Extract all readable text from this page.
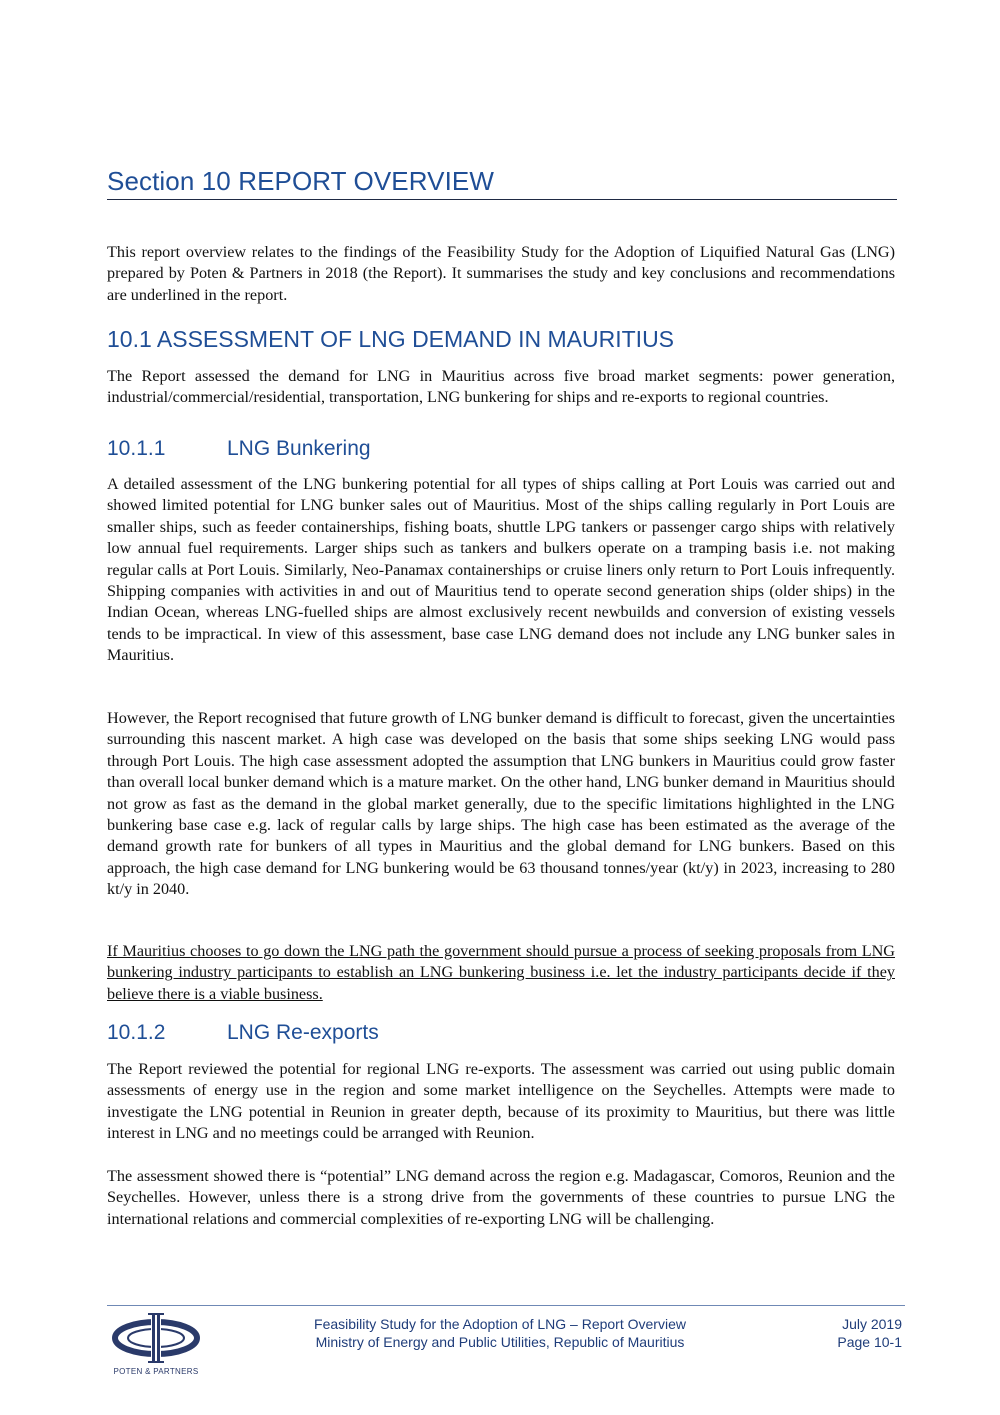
Section 10 REPORT OVERVIEW

This report overview relates to the findings of the Feasibility Study for the Adoption of Liquified Natural Gas (LNG) prepared by Poten & Partners in 2018 (the Report). It summarises the study and key conclusions and recommendations are underlined in the report.

10.1 ASSESSMENT OF LNG DEMAND IN MAURITIUS

The Report assessed the demand for LNG in Mauritius across five broad market segments: power generation, industrial/commercial/residential, transportation, LNG bunkering for ships and re-exports to regional countries.

10.1.1	LNG Bunkering

A detailed assessment of the LNG bunkering potential for all types of ships calling at Port Louis was carried out and showed limited potential for LNG bunker sales out of Mauritius. Most of the ships calling regularly in Port Louis are smaller ships, such as feeder containerships, fishing boats, shuttle LPG tankers or passenger cargo ships with relatively low annual fuel requirements. Larger ships such as tankers and bulkers operate on a tramping basis i.e. not making regular calls at Port Louis. Similarly, Neo-Panamax containerships or cruise liners only return to Port Louis infrequently. Shipping companies with activities in and out of Mauritius tend to operate second generation ships (older ships) in the Indian Ocean, whereas LNG-fuelled ships are almost exclusively recent newbuilds and conversion of existing vessels tends to be impractical. In view of this assessment, base case LNG demand does not include any LNG bunker sales in Mauritius.

However, the Report recognised that future growth of LNG bunker demand is difficult to forecast, given the uncertainties surrounding this nascent market. A high case was developed on the basis that some ships seeking LNG would pass through Port Louis. The high case assessment adopted the assumption that LNG bunkers in Mauritius could grow faster than overall local bunker demand which is a mature market. On the other hand, LNG bunker demand in Mauritius should not grow as fast as the demand in the global market generally, due to the specific limitations highlighted in the LNG bunkering base case e.g. lack of regular calls by large ships. The high case has been estimated as the average of the demand growth rate for bunkers of all types in Mauritius and the global demand for LNG bunkers. Based on this approach, the high case demand for LNG bunkering would be 63 thousand tonnes/year (kt/y) in 2023, increasing to 280 kt/y in 2040.

If Mauritius chooses to go down the LNG path the government should pursue a process of seeking proposals from LNG bunkering industry participants to establish an LNG bunkering business i.e. let the industry participants decide if they believe there is a viable business.

10.1.2	LNG Re-exports

The Report reviewed the potential for regional LNG re-exports. The assessment was carried out using public domain assessments of energy use in the region and some market intelligence on the Seychelles. Attempts were made to investigate the LNG potential in Reunion in greater depth, because of its proximity to Mauritius, but there was little interest in LNG and no meetings could be arranged with Reunion.

The assessment showed there is “potential” LNG demand across the region e.g. Madagascar, Comoros, Reunion and the Seychelles. However, unless there is a strong drive from the governments of these countries to pursue LNG the international relations and commercial complexities of re-exporting LNG will be challenging.

POTEN & PARTNERS
Feasibility Study for the Adoption of LNG – Report Overview
Ministry of Energy and Public Utilities, Republic of Mauritius
July 2019
Page 10-1
